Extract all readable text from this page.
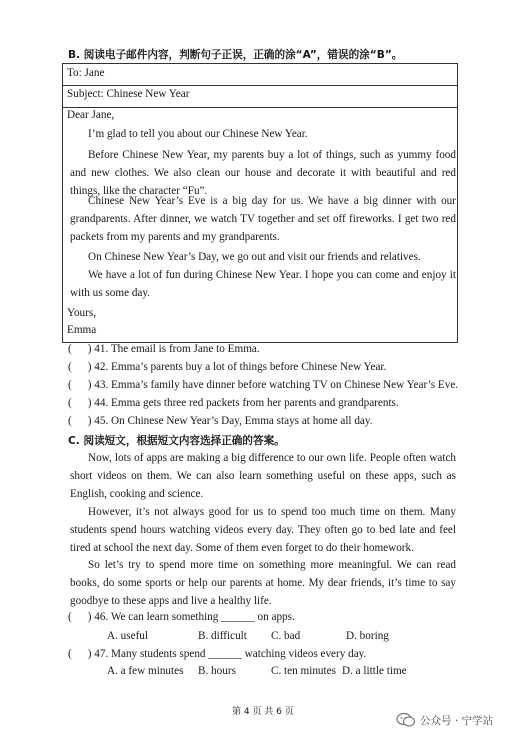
B. 阅读电子邮件内容，判断句子正误，正确的涂“A”，错误的涂“B”。
To: Jane
Subject: Chinese New Year
Dear Jane,
I’m glad to tell you about our Chinese New Year.
Before Chinese New Year, my parents buy a lot of things, such as yummy food and new clothes. We also clean our house and decorate it with beautiful and red things, like the character “Fu”.
Chinese New Year’s Eve is a big day for us. We have a big dinner with our grandparents. After dinner, we watch TV together and set off fireworks. I get two red packets from my parents and my grandparents.
On Chinese New Year’s Day, we go out and visit our friends and relatives.
We have a lot of fun during Chinese New Year. I hope you can come and enjoy it with us some day.
Yours,
Emma
( ) 41. The email is from Jane to Emma.
( ) 42. Emma’s parents buy a lot of things before Chinese New Year.
( ) 43. Emma’s family have dinner before watching TV on Chinese New Year’s Eve.
( ) 44. Emma gets three red packets from her parents and grandparents.
( ) 45. On Chinese New Year’s Day, Emma stays at home all day.
C. 阅读短文，根据短文内容选择正确的答案。
Now, lots of apps are making a big difference to our own life. People often watch short videos on them. We can also learn something useful on these apps, such as English, cooking and science.
However, it’s not always good for us to spend too much time on them. Many students spend hours watching videos every day. They often go to bed late and feel tired at school the next day. Some of them even forget to do their homework.
So let’s try to spend more time on something more meaningful. We can read books, do some sports or help our parents at home. My dear friends, it’s time to say goodbye to these apps and live a healthy life.
( ) 46. We can learn something ______ on apps.
A. useful	B. difficult C. bad	D. boring
( ) 47. Many students spend ______ watching videos every day.
A. a few minutes B. hours	C. ten minutes D. a little time
第 4 页 共 6 页
公众号 · 宁学站
